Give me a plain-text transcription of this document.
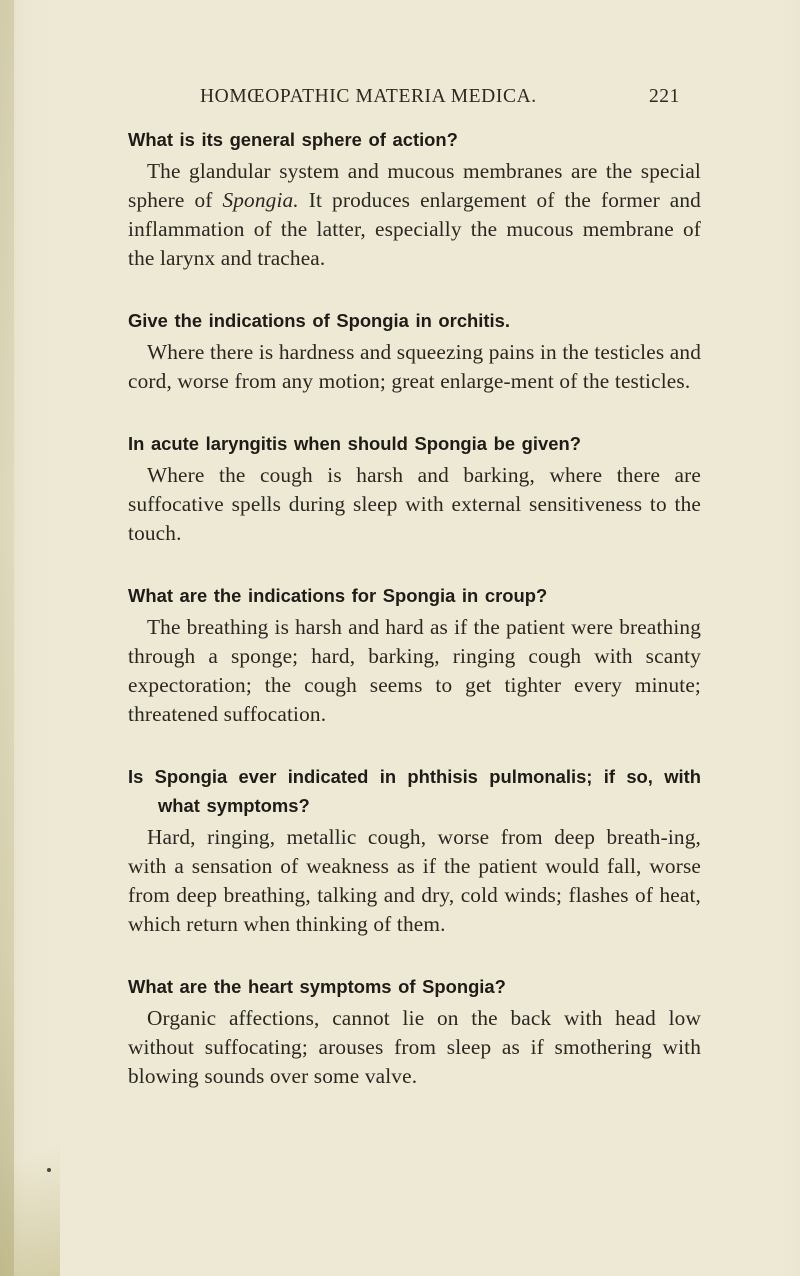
HOMŒOPATHIC MATERIA MEDICA.	221

What is its general sphere of action?

The glandular system and mucous membranes are the special sphere of Spongia. It produces enlargement of the former and inflammation of the latter, especially the mucous membrane of the larynx and trachea.

Give the indications of Spongia in orchitis.

Where there is hardness and squeezing pains in the testicles and cord, worse from any motion; great enlarge-ment of the testicles.

In acute laryngitis when should Spongia be given?

Where the cough is harsh and barking, where there are suffocative spells during sleep with external sensitiveness to the touch.

What are the indications for Spongia in croup?

The breathing is harsh and hard as if the patient were breathing through a sponge; hard, barking, ringing cough with scanty expectoration; the cough seems to get tighter every minute; threatened suffocation.

Is Spongia ever indicated in phthisis pulmonalis; if so, with what symptoms?

Hard, ringing, metallic cough, worse from deep breath-ing, with a sensation of weakness as if the patient would fall, worse from deep breathing, talking and dry, cold winds; flashes of heat, which return when thinking of them.

What are the heart symptoms of Spongia?

Organic affections, cannot lie on the back with head low without suffocating; arouses from sleep as if smothering with blowing sounds over some valve.
